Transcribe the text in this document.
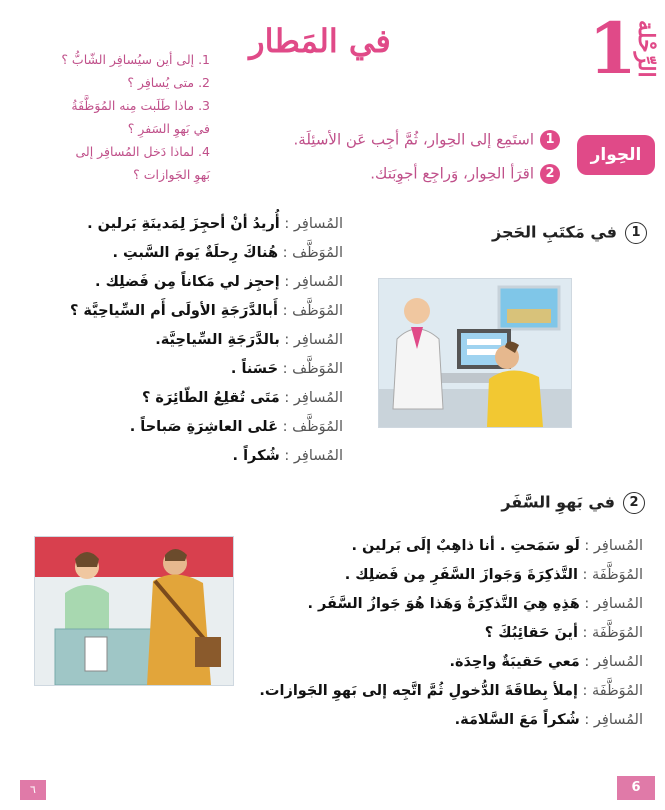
1
الرِّحْلة
في المَطار
1. إلى أين سيُسافِر الشّابُّ ؟
2. متى يُسافِر ؟
3. ماذا طَلَبت مِنه المُوَظَّفَةُ
في بَهوِ السَفرِ ؟
4. لماذا دَخل المُسافِر إلى
بَهوِ الجَوازات ؟
الحِوار
1استَمِع إلى الحِوار، ثُمَّ أجِب عَن الأسئِلَة.
2اقرَأ الحِوار، وَراجِع أجوِبَتك.
1في مَكتَبِ الحَجز
المُسافِر : أُريدُ أنْ أحجِزَ لِمَدينَةِ بَرلين .
المُوَظَّف : هُناكَ رِحلَةٌ يَومَ السَّبتِ .
المُسافِر : إحجِز لي مَكاناً مِن فَضلِك .
المُوَظَّف : أَبالدَّرَجَةِ الأولَى أَم السِّياحِيَّة ؟
المُسافِر : بالدَّرَجَةِ السِّياحِيَّة.
المُوَظَّف : حَسَناً .
المُسافِر : مَتَى تُقلِعُ الطّائِرَة ؟
المُوَظَّف : عَلى العاشِرَةِ صَباحاً .
المُسافِر : شُكراً .
2في بَهوِ السَّفَر
المُسافِر : لَو سَمَحتِ . أنا ذاهِبٌ إلَى بَرلين .
المُوَظَّفَة : التَّذكِرَةَ وَجَوازَ السَّفَرِ مِن فَضلِك .
المُسافِر : هَذِهِ هِيَ التَّذكِرَةُ وَهَذا هُوَ جَوازُ السَّفَر .
المُوَظَّفَة : أينَ حَقائِبُكَ ؟
المُسافِر : مَعي حَقيبَةٌ واحِدَة.
المُوَظَّفَة : إملأ بِطاقَةَ الدُّخولِ ثُمَّ اتَّجِه إلى بَهوِ الجَوازات.
المُسافِر : شُكراً مَعَ السَّلامَة.
6
٦
